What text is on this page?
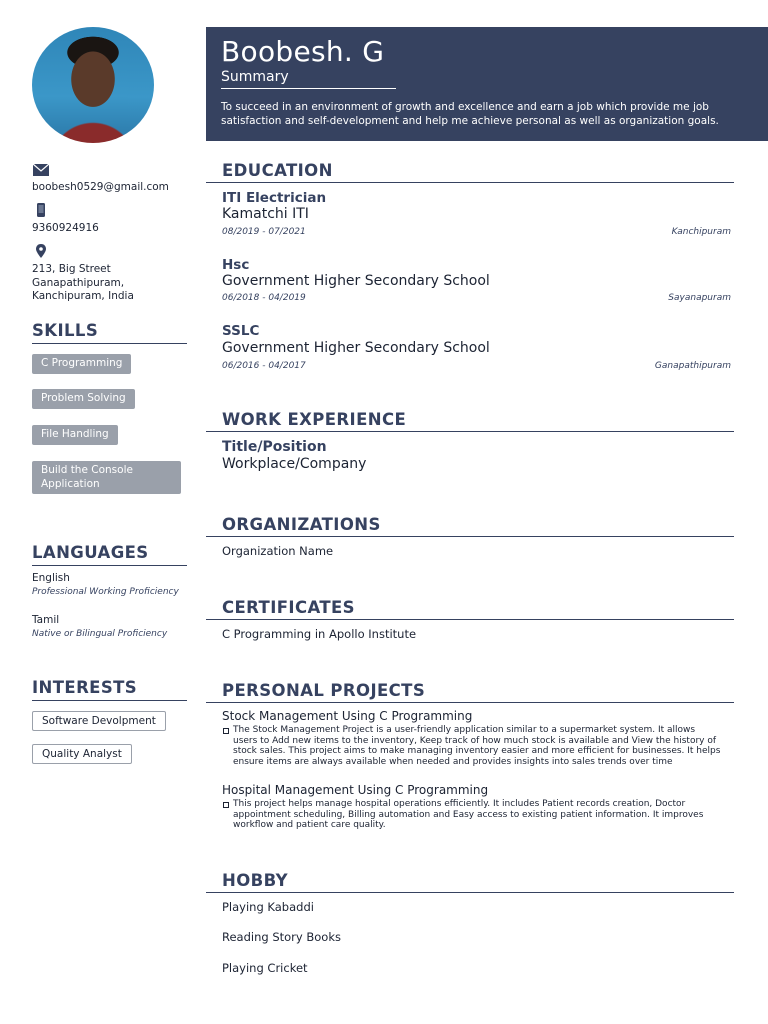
boobesh0529@gmail.com
9360924916
213, Big Street
Ganapathipuram,
Kanchipuram, India
SKILLS
C Programming
Problem Solving
File Handling
Build the Console
Application
LANGUAGES
English
Professional Working Proficiency
Tamil
Native or Bilingual Proficiency
INTERESTS
Software Devolpment
Quality Analyst
Boobesh. G
Summary
To succeed in an environment of growth and excellence and earn a job which provide me job satisfaction and self-development and help me achieve personal as well as organization goals.
EDUCATION
ITI Electrician
Kamatchi ITI
08/2019 - 07/2021	Kanchipuram
Hsc
Government Higher Secondary School
06/2018 - 04/2019	Sayanapuram
SSLC
Government Higher Secondary School
06/2016 - 04/2017	Ganapathipuram
WORK EXPERIENCE
Title/Position
Workplace/Company
ORGANIZATIONS
Organization Name
CERTIFICATES
C Programming in Apollo Institute
PERSONAL PROJECTS
Stock Management Using C Programming
The Stock Management Project is a user-friendly application similar to a supermarket system. It allows
users to Add new items to the inventory, Keep track of how much stock is available and View the history of
stock sales. This project aims to make managing inventory easier and more efficient for businesses. It helps
ensure items are always available when needed and provides insights into sales trends over time
Hospital Management Using C Programming
This project helps manage hospital operations efficiently. It includes Patient records creation, Doctor
appointment scheduling, Billing automation and Easy access to existing patient information. It improves
workflow and patient care quality.
HOBBY
Playing Kabaddi
Reading Story Books
Playing Cricket
